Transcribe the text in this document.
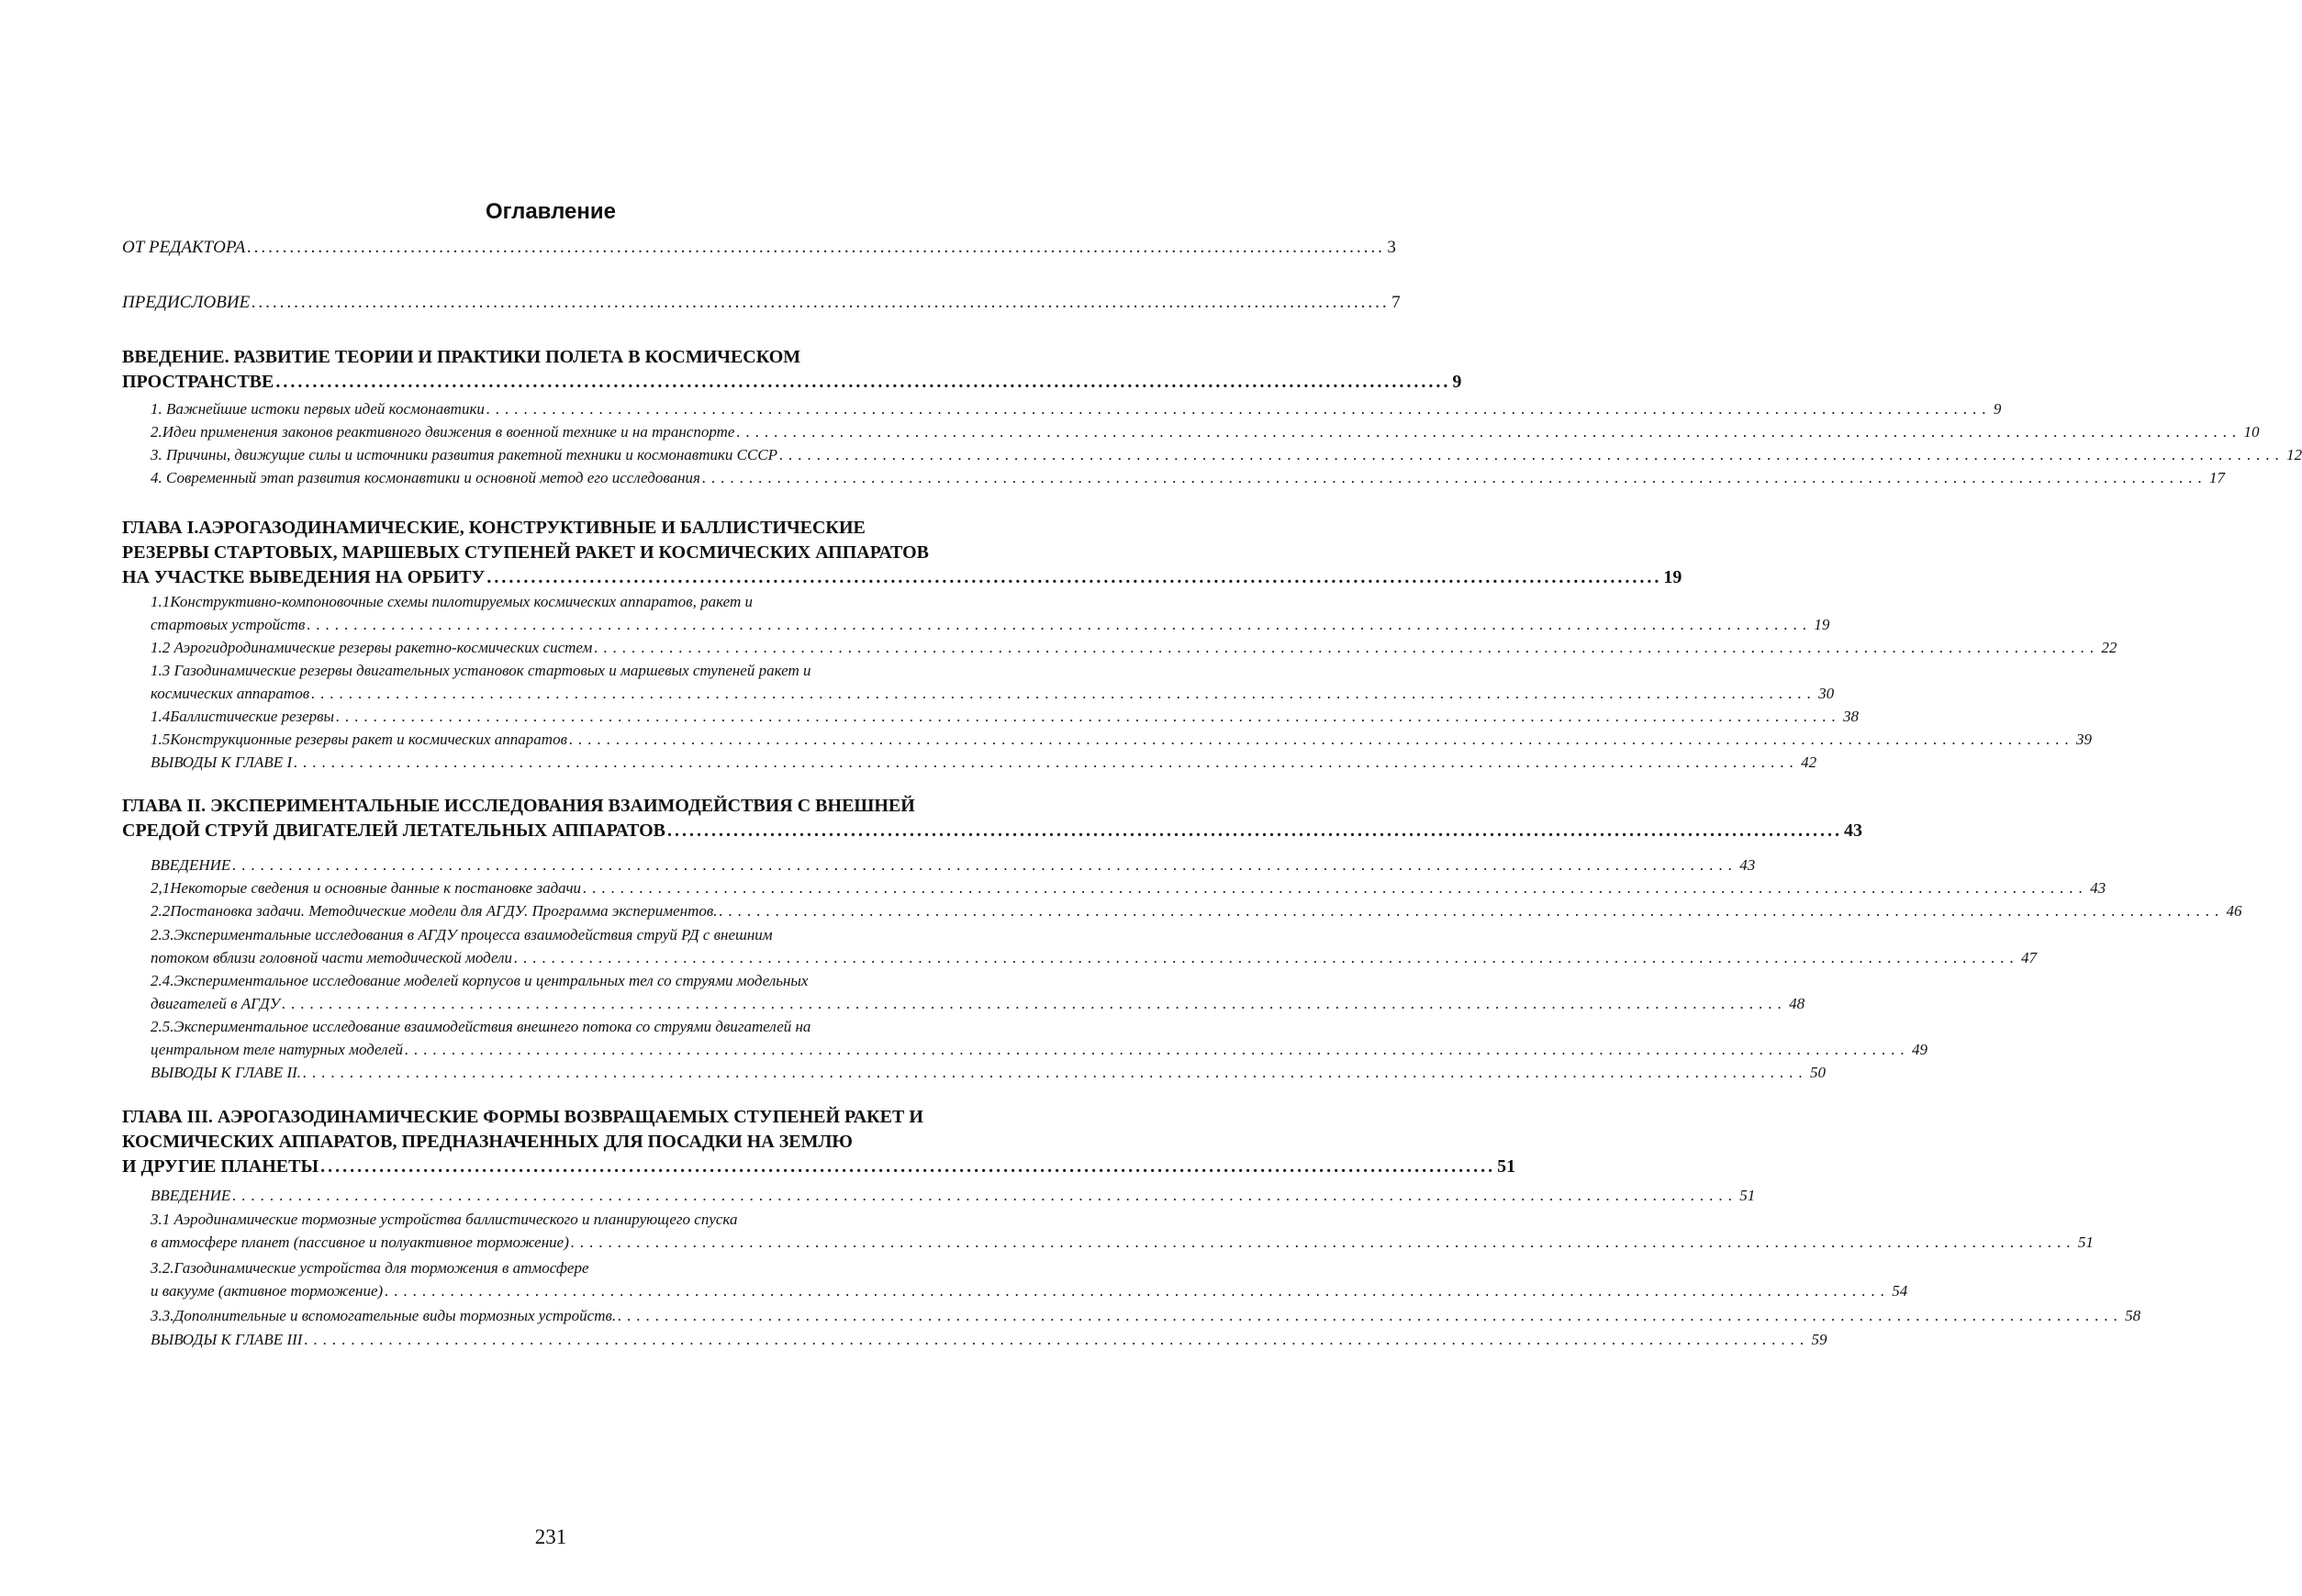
Оглавление
ОТ РЕДАКТОРА ................................................................................................................................................................ 3
ПРЕДИСЛОВИЕ ................................................................................................................................................................ 7
ВВЕДЕНИЕ. РАЗВИТИЕ ТЕОРИИ И ПРАКТИКИ ПОЛЕТА В КОСМИЧЕСКОМ
ПРОСТРАНСТВЕ ................................................................................................................................................................ 9
1. Важнейшие истоки первых идей космонавтики ................................................................................................................................................................ 9
2.Идеи применения законов реактивного движения в военной технике и на транспорте ................................................................................................................................................................ 10
3. Причины, движущие силы и источники развития ракетной техники и космонавтики СССР ................................................................................................................................................................ 12
4. Современный этап развития космонавтики и основной метод его исследования ................................................................................................................................................................ 17
ГЛАВА I.АЭРОГАЗОДИНАМИЧЕСКИЕ, КОНСТРУКТИВНЫЕ И БАЛЛИСТИЧЕСКИЕ
РЕЗЕРВЫ СТАРТОВЫХ, МАРШЕВЫХ СТУПЕНЕЙ РАКЕТ И КОСМИЧЕСКИХ АППАРАТОВ
НА УЧАСТКЕ ВЫВЕДЕНИЯ НА ОРБИТУ ................................................................................................................................................................ 19
1.1Конструктивно-компоновочные схемы пилотируемых космических аппаратов, ракет и
стартовых устройств ................................................................................................................................................................ 19
1.2 Аэрогидродинамические резервы ракетно-космических систем ................................................................................................................................................................ 22
1.3 Газодинамические резервы двигательных установок стартовых и маршевых ступеней ракет и
космических аппаратов ................................................................................................................................................................ 30
1.4Баллистические резервы ................................................................................................................................................................ 38
1.5Конструкционные резервы ракет и космических аппаратов ................................................................................................................................................................ 39
ВЫВОДЫ К ГЛАВЕ I ................................................................................................................................................................ 42
ГЛАВА II. ЭКСПЕРИМЕНТАЛЬНЫЕ ИССЛЕДОВАНИЯ ВЗАИМОДЕЙСТВИЯ С ВНЕШНЕЙ
СРЕДОЙ СТРУЙ ДВИГАТЕЛЕЙ ЛЕТАТЕЛЬНЫХ АППАРАТОВ ................................................................................................................................................................ 43
ВВЕДЕНИЕ ................................................................................................................................................................ 43
2,1Некоторые сведения и основные данные к постановке задачи ................................................................................................................................................................ 43
2.2Постановка задачи. Методические модели для АГДУ. Программа экспериментов. ................................................................................................................................................................ 46
2.3.Экспериментальные исследования в АГДУ процесса взаимодействия струй РД с внешним
потоком вблизи головной части методической модели ................................................................................................................................................................ 47
2.4.Экспериментальное исследование моделей корпусов и центральных тел со струями модельных
двигателей в АГДУ ................................................................................................................................................................ 48
2.5.Экспериментальное исследование взаимодействия внешнего потока со струями двигателей на
центральном теле натурных моделей ................................................................................................................................................................ 49
ВЫВОДЫ К ГЛАВЕ II. ................................................................................................................................................................ 50
ГЛАВА III. АЭРОГАЗОДИНАМИЧЕСКИЕ ФОРМЫ ВОЗВРАЩАЕМЫХ СТУПЕНЕЙ РАКЕТ И
КОСМИЧЕСКИХ АППАРАТОВ, ПРЕДНАЗНАЧЕННЫХ ДЛЯ ПОСАДКИ НА ЗЕМЛЮ
И ДРУГИЕ ПЛАНЕТЫ ................................................................................................................................................................ 51
ВВЕДЕНИЕ ................................................................................................................................................................ 51
3.1 Аэродинамические тормозные устройства баллистического и планирующего спуска
в атмосфере планет (пассивное и полуактивное торможение) ................................................................................................................................................................ 51
3.2.Газодинамические устройства для торможения в атмосфере
и вакууме (активное торможение) ................................................................................................................................................................ 54
3.3.Дополнительные и вспомогательные виды тормозных устройств. ................................................................................................................................................................ 58
ВЫВОДЫ К ГЛАВЕ III ................................................................................................................................................................ 59
231
